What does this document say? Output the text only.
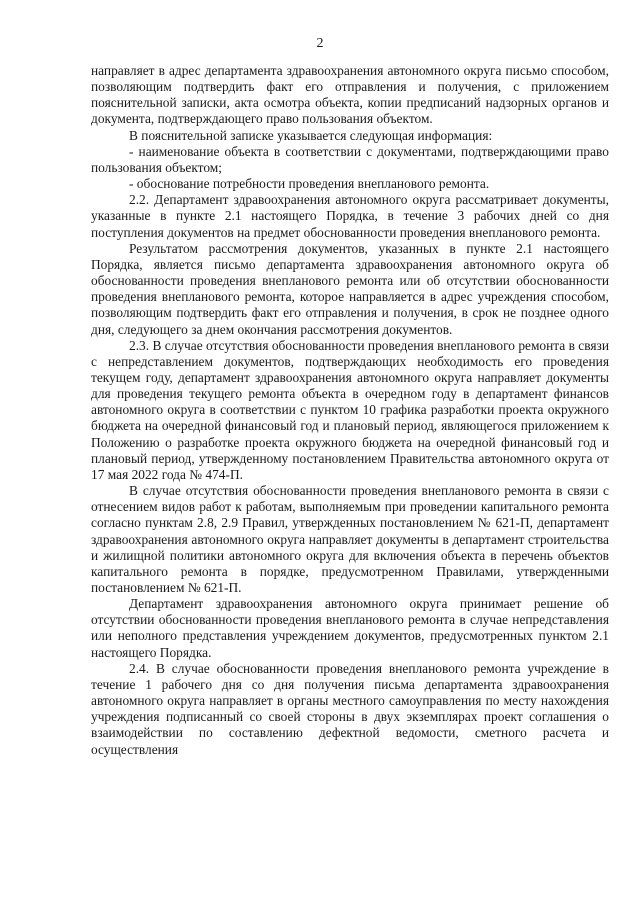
2

направляет в адрес департамента здравоохранения автономного округа письмо способом, позволяющим подтвердить факт его отправления и получения, с приложением пояснительной записки, акта осмотра объекта, копии предписаний надзорных органов и документа, подтверждающего право пользования объектом.

В пояснительной записке указывается следующая информация:

- наименование объекта в соответствии с документами, подтверждающими право пользования объектом;

- обоснование потребности проведения внепланового ремонта.

2.2. Департамент здравоохранения автономного округа рассматривает документы, указанные в пункте 2.1 настоящего Порядка, в течение 3 рабочих дней со дня поступления документов на предмет обоснованности проведения внепланового ремонта.

Результатом рассмотрения документов, указанных в пункте 2.1 настоящего Порядка, является письмо департамента здравоохранения автономного округа об обоснованности проведения внепланового ремонта или об отсутствии обоснованности проведения внепланового ремонта, которое направляется в адрес учреждения способом, позволяющим подтвердить факт его отправления и получения, в срок не позднее одного дня, следующего за днем окончания рассмотрения документов.

2.3. В случае отсутствия обоснованности проведения внепланового ремонта в связи с непредставлением документов, подтверждающих необходимость его проведения текущем году, департамент здравоохранения автономного округа направляет документы для проведения текущего ремонта объекта в очередном году в департамент финансов автономного округа в соответствии с пунктом 10 графика разработки проекта окружного бюджета на очередной финансовый год и плановый период, являющегося приложением к Положению о разработке проекта окружного бюджета на очередной финансовый год и плановый период, утвержденному постановлением Правительства автономного округа от 17 мая 2022 года № 474-П.

В случае отсутствия обоснованности проведения внепланового ремонта в связи с отнесением видов работ к работам, выполняемым при проведении капитального ремонта согласно пунктам 2.8, 2.9 Правил, утвержденных постановлением № 621-П, департамент здравоохранения автономного округа направляет документы в департамент строительства и жилищной политики автономного округа для включения объекта в перечень объектов капитального ремонта в порядке, предусмотренном Правилами, утвержденными постановлением № 621-П.

Департамент здравоохранения автономного округа принимает решение об отсутствии обоснованности проведения внепланового ремонта в случае непредставления или неполного представления учреждением документов, предусмотренных пунктом 2.1 настоящего Порядка.

2.4. В случае обоснованности проведения внепланового ремонта учреждение в течение 1 рабочего дня со дня получения письма департамента здравоохранения автономного округа направляет в органы местного самоуправления по месту нахождения учреждения подписанный со своей стороны в двух экземплярах проект соглашения о взаимодействии по составлению дефектной ведомости, сметного расчета и осуществления
